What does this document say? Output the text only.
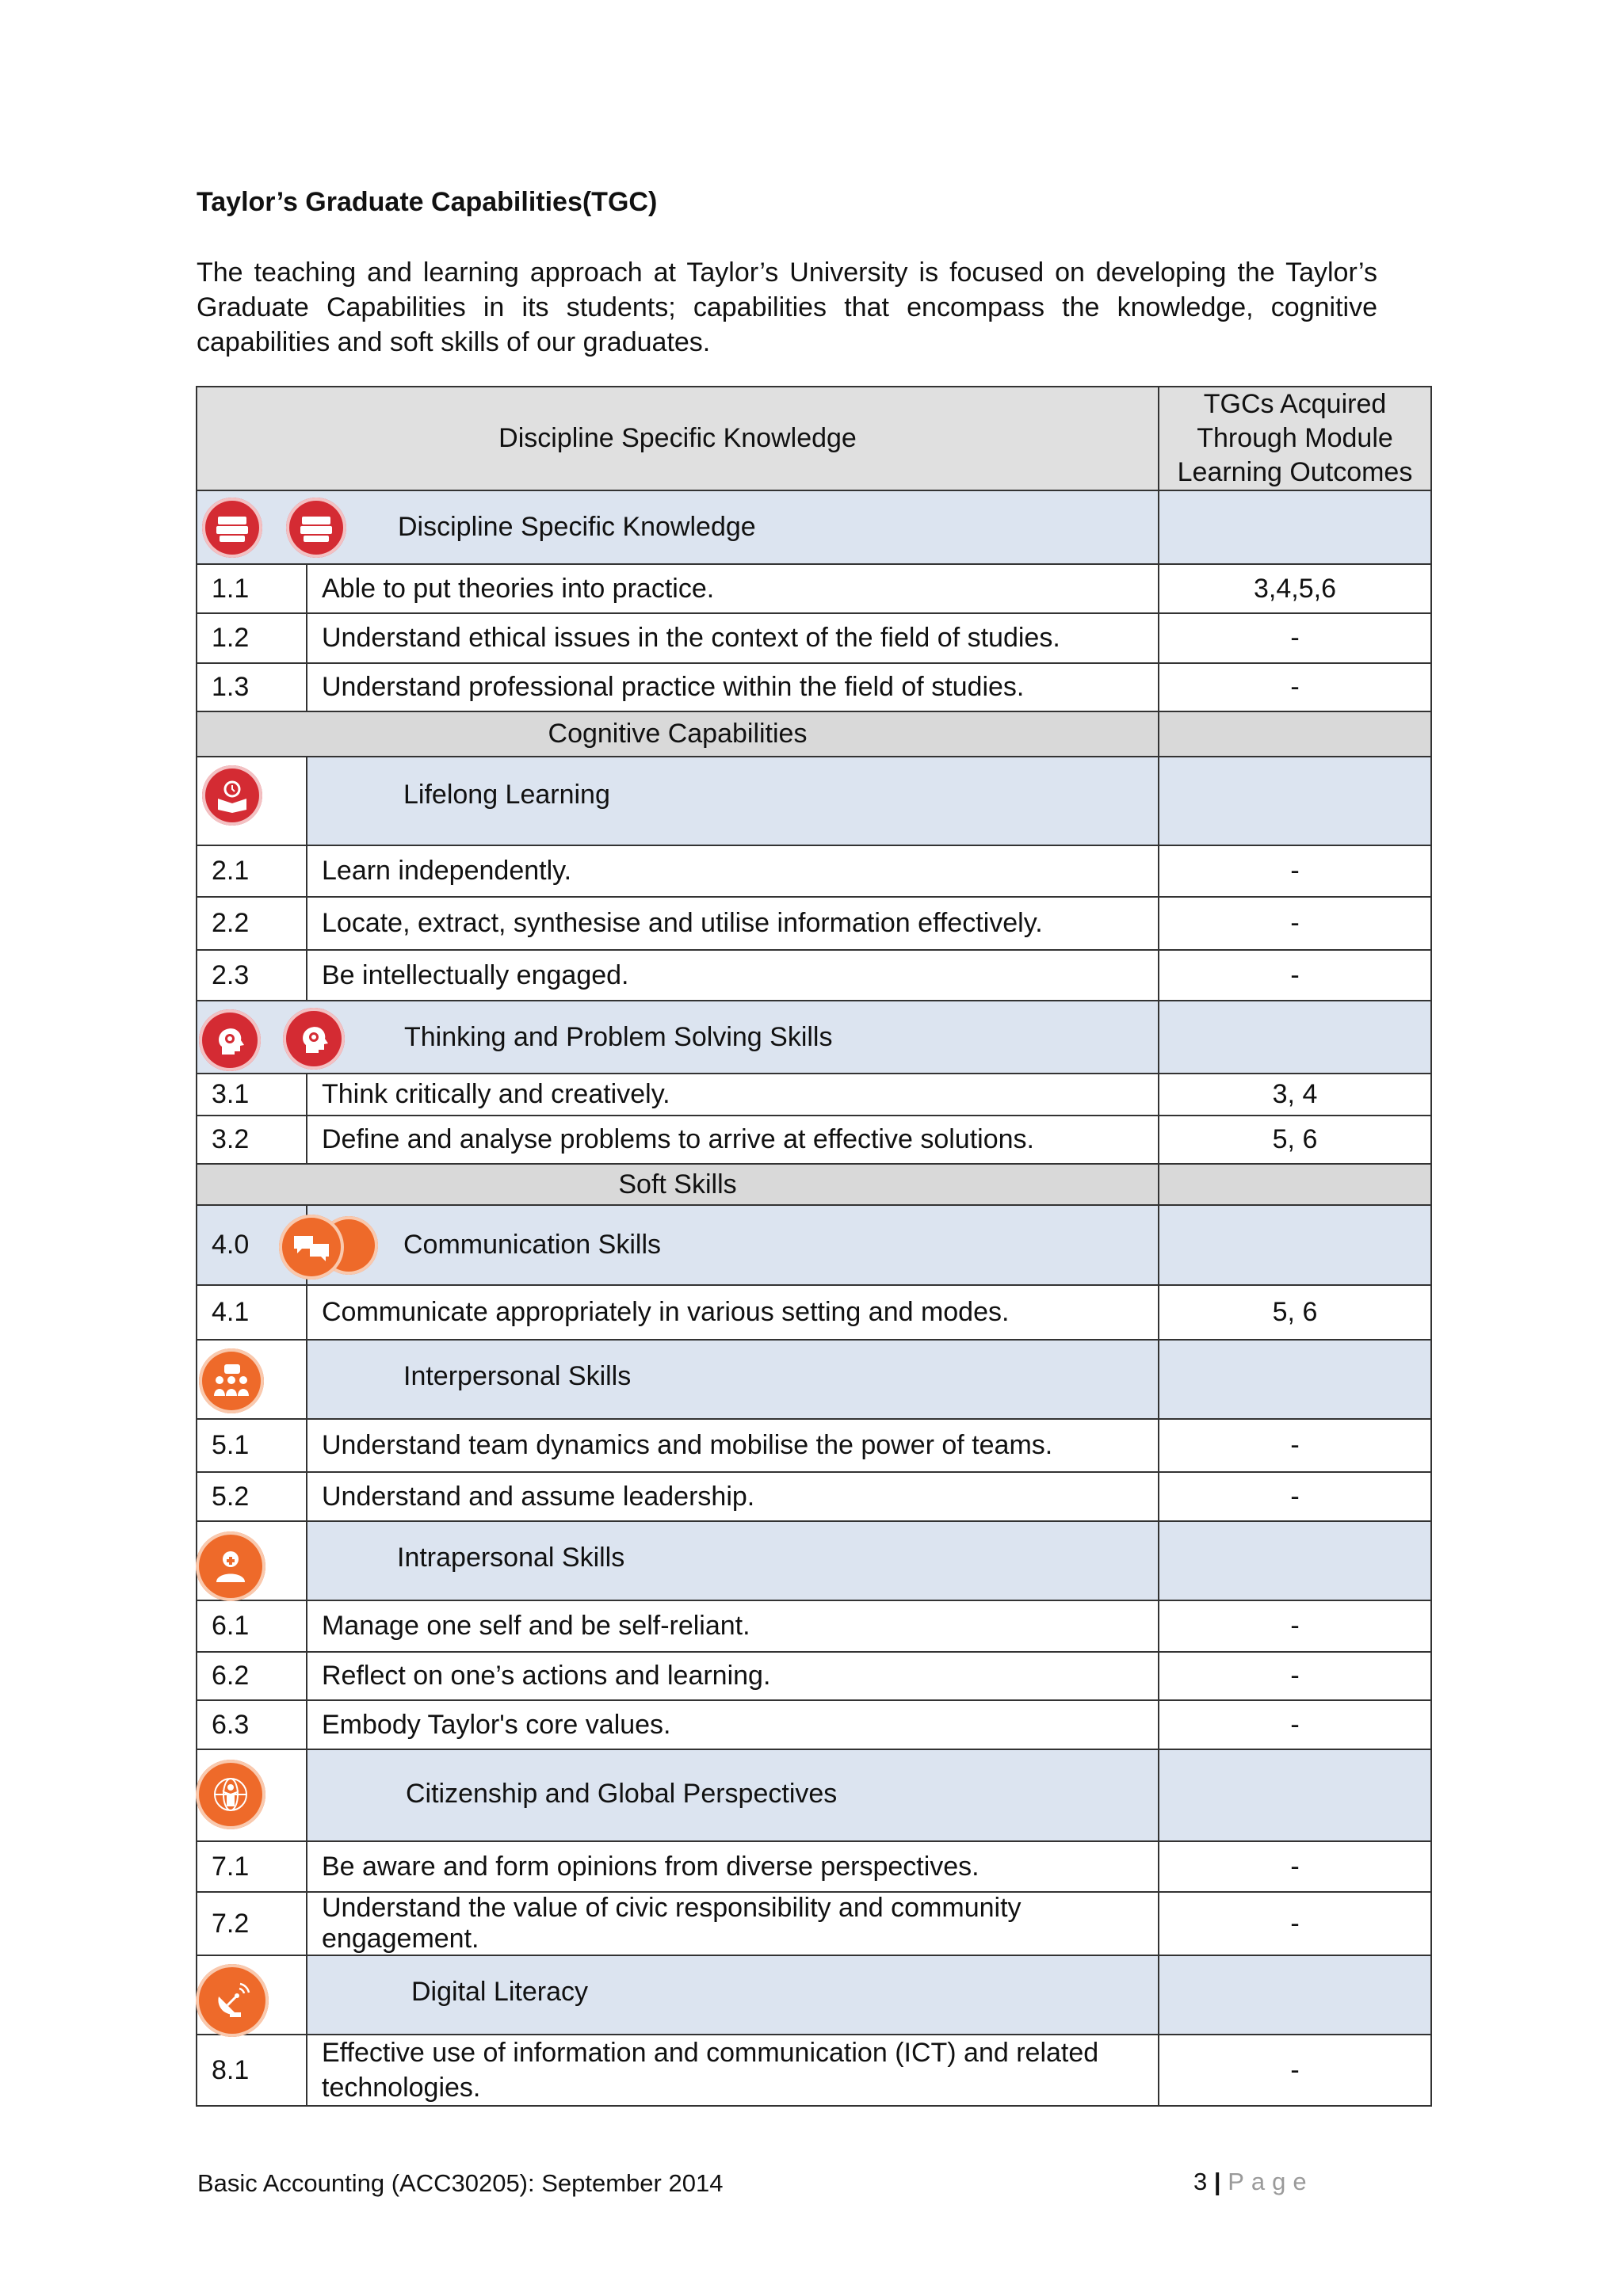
Taylor’s Graduate Capabilities(TGC)
The teaching and learning approach at Taylor’s University is focused on developing the Taylor’s Graduate Capabilities in its students; capabilities that encompass the knowledge, cognitive capabilities and soft skills of our graduates.
Discipline Specific Knowledge		TGCs Acquired Through Module Learning Outcomes

Discipline Specific Knowledge		

1.1	Able to put theories into practice.	3,4,5,6
1.2	Understand ethical issues in the context of the field of studies.	-
1.3	Understand professional practice within the field of studies.	-
Cognitive Capabilities		

Lifelong Learning	

2.1	Learn independently.	-
2.2	Locate, extract, synthesise and utilise information effectively.	-
2.3	Be intellectually engaged.	-

Thinking and Problem Solving Skills		

3.1	Think critically and creatively.	3, 4
3.2	Define and analyse problems to arrive at effective solutions.	5, 6
Soft Skills		
4.0	Communication Skills	

4.1	Communicate appropriately in various setting and modes.	5, 6

Interpersonal Skills	

5.1	Understand team dynamics and mobilise the power of teams.	-
5.2	Understand and assume leadership.	-

Intrapersonal Skills	

6.1	Manage one self and be self-reliant.	-
6.2	Reflect on one’s actions and learning.	-
6.3	Embody Taylor's core values.	-

Citizenship and Global Perspectives	

7.1	Be aware and form opinions from diverse perspectives.	-
7.2	Understand the value of civic responsibility and community engagement.	-

Digital Literacy	

8.1	Effective use of information and communication (ICT) and related technologies.	-
Basic Accounting (ACC30205): September 2014	3 | Page
